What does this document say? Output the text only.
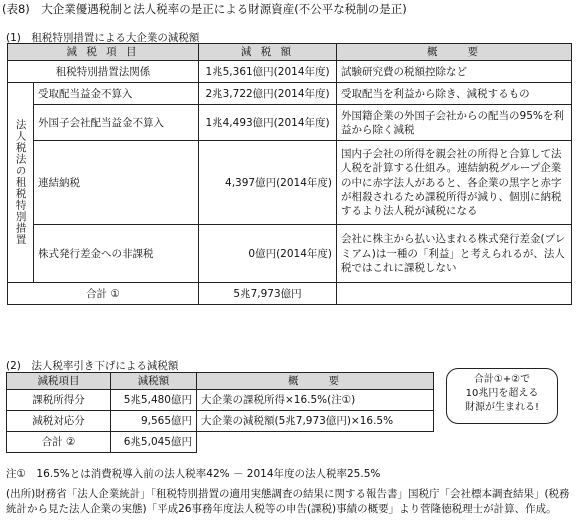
(表8)　大企業優遇税制と法人税率の是正による財源資産(不公平な税制の是正)
(1)　租税特別措置による大企業の減税額
減 税 項 目		減 税 額	概　　要
租税特別措置法関係		1兆5,361億円(2014年度)	試験研究費の税額控除など
法人税法の租税特別措置	受取配当益金不算入	2兆3,722億円(2014年度)	受取配当を利益から除き、減税するもの
	外国子会社配当益金不算入	1兆4,493億円(2014年度)	外国籍企業の外国子会社からの配当の95%を利益から除く減税
	連結納税	4,397億円(2014年度)	国内子会社の所得を親会社の所得と合算して法人税を計算する仕組み。連結納税グループ企業の中に赤字法人があると、各企業の黒字と赤字が相殺されるため課税所得が減り、個別に納税するより法人税が減税になる
	株式発行差金への非課税	0億円(2014年度)	会社に株主から払い込まれる株式発行差金(プレミアム)は一種の「利益」と考えられるが、法人税ではこれに課税しない
合計 ①		5兆7,973億円	
(2)　法人税率引き下げによる減税額
減税項目	減税額	概　　要
課税所得分	5兆5,480億円	大企業の課税所得×16.5%(注①)
減税対応分	9,565億円	大企業の減税額(5兆7,973億円)×16.5%
合計 ②	6兆5,045億円	
合計①+②で
10兆円を超える
財源が生まれる!
注①　16.5%とは消費税導入前の法人税率42% － 2014年度の法人税率25.5%
(出所)財務省「法人企業統計」「租税特別措置の適用実態調査の結果に関する報告書」国税庁「会社標本調査結果」(税務統計から見た法人企業の実態)「平成26事務年度法人税等の申告(課税)事績の概要」より菅隆徳税理士が計算、作成。
